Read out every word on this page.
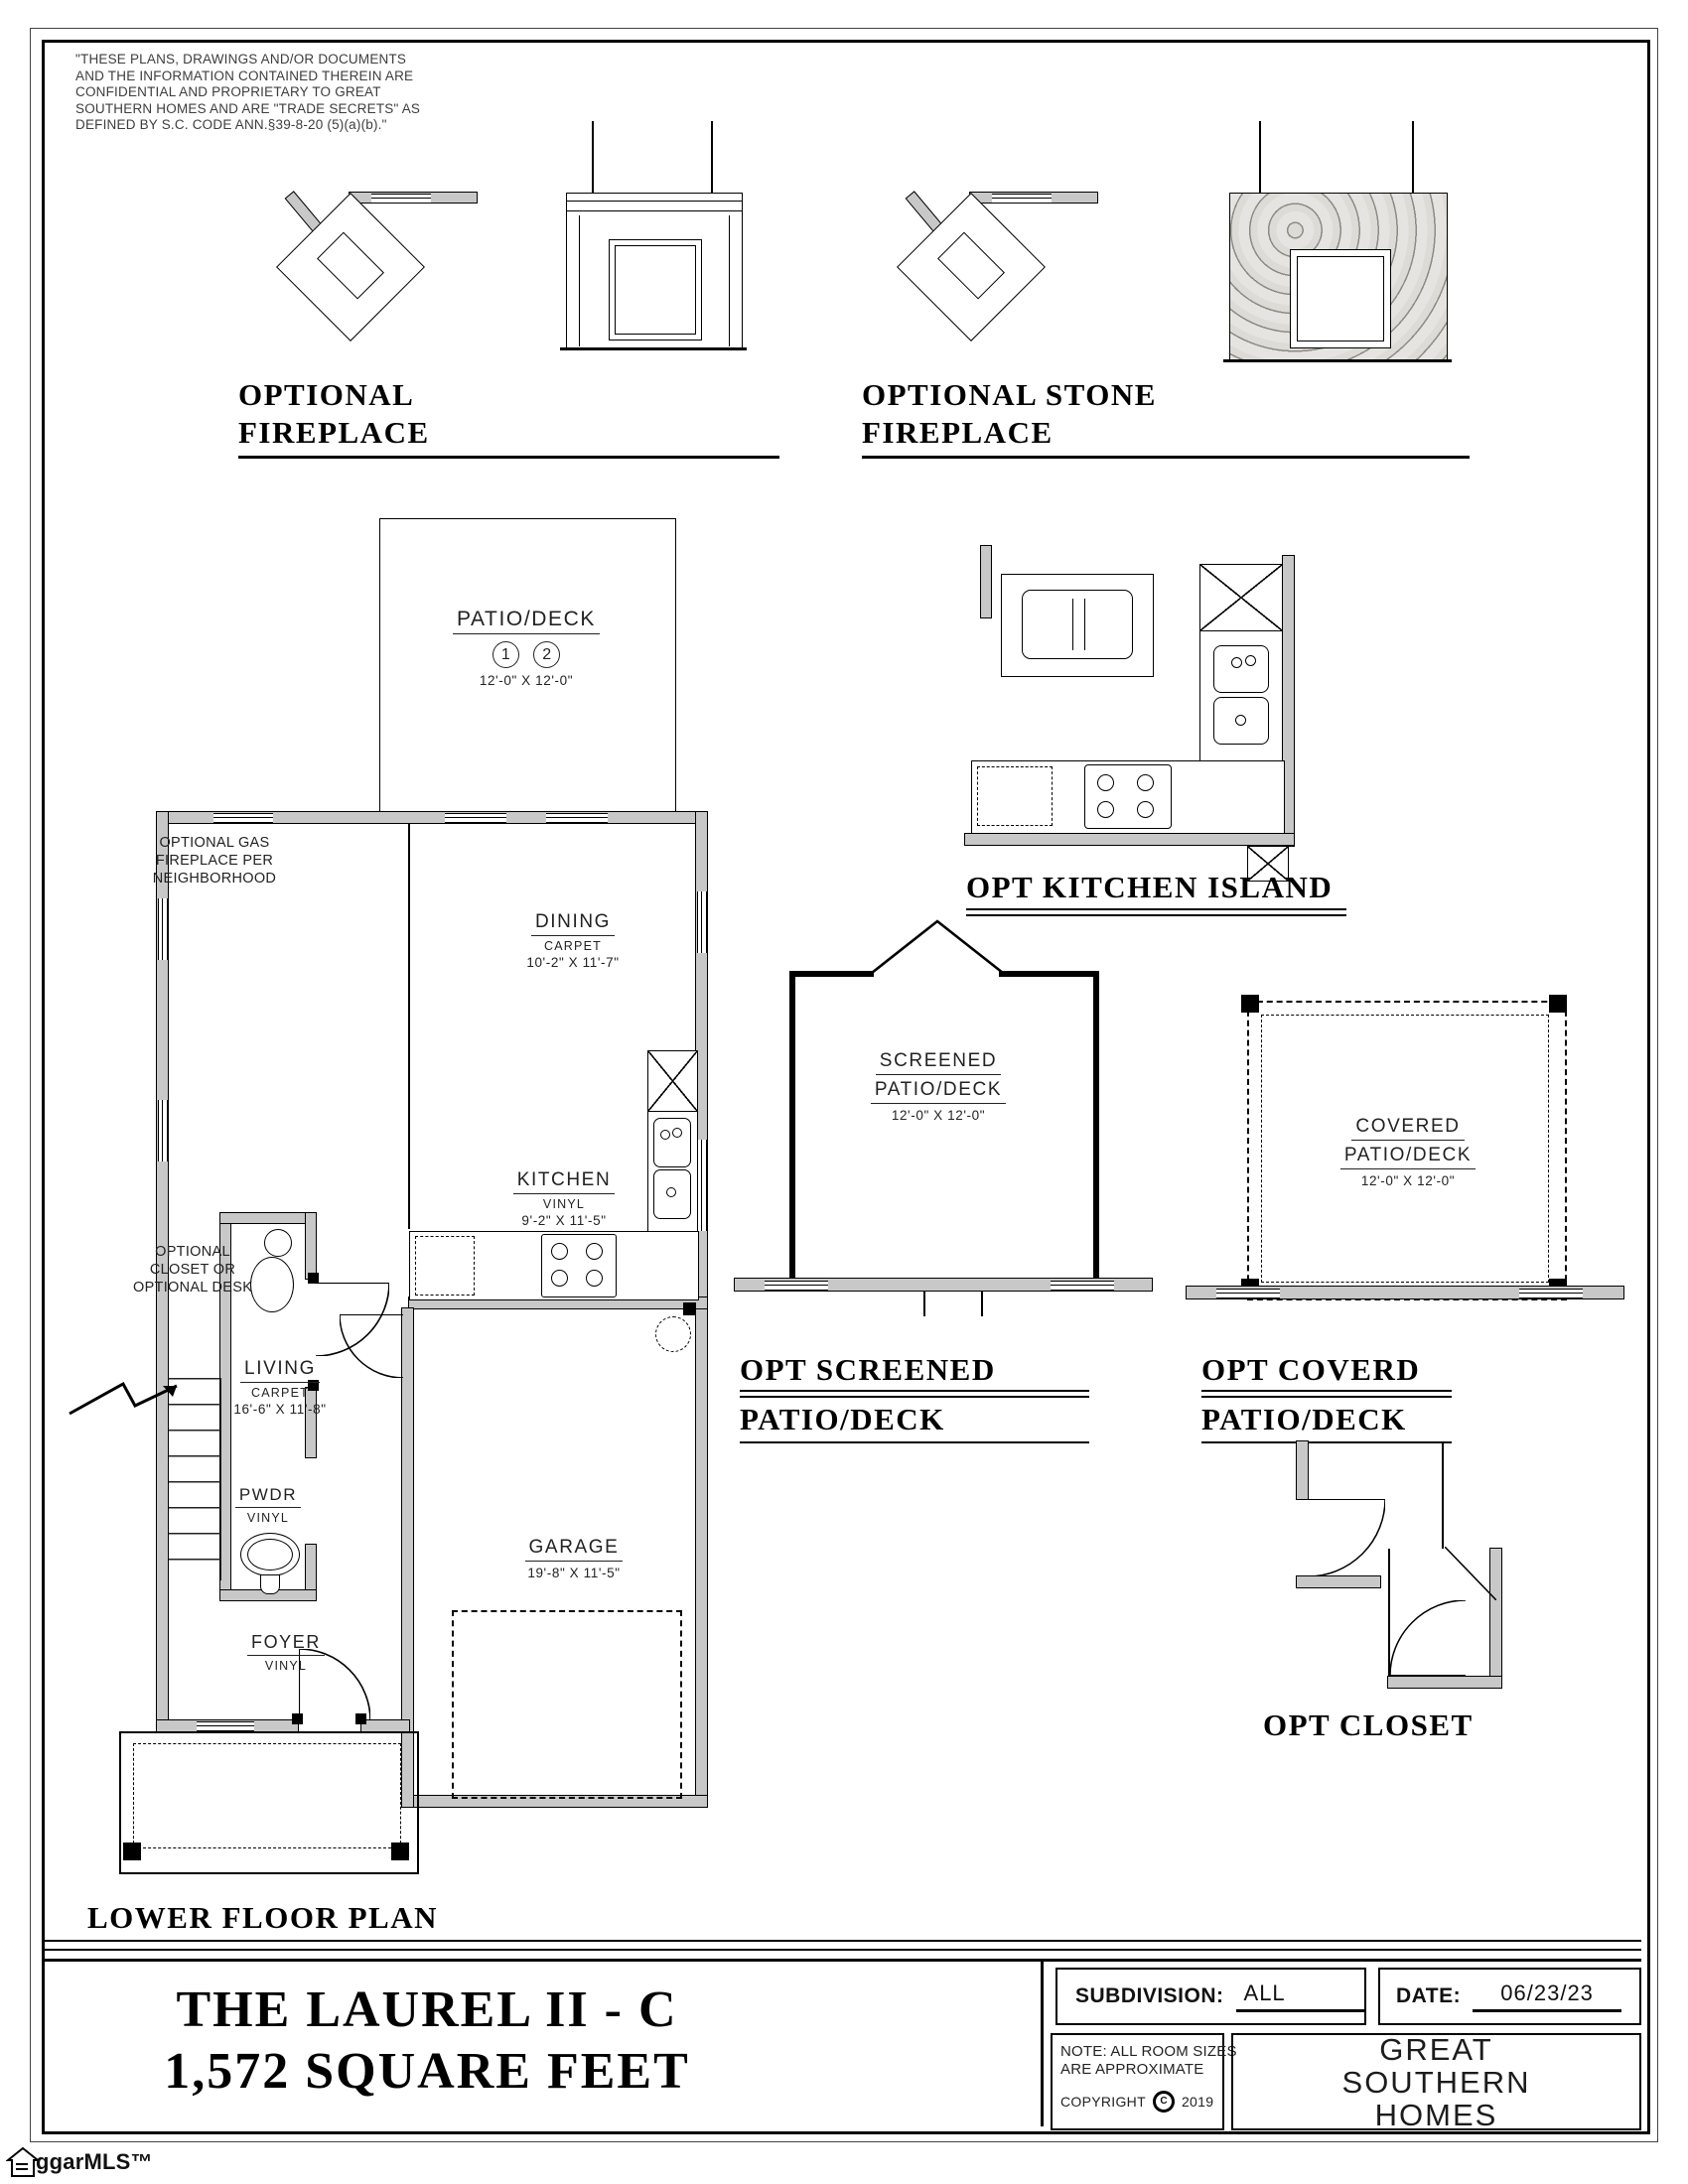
"THESE PLANS, DRAWINGS AND/OR DOCUMENTS
AND THE INFORMATION CONTAINED THEREIN ARE
CONFIDENTIAL AND PROPRIETARY TO GREAT
SOUTHERN HOMES AND ARE "TRADE SECRETS" AS
DEFINED BY S.C. CODE ANN.§39-8-20 (5)(a)(b)."
OPTIONAL
FIREPLACE
OPTIONAL STONE
FIREPLACE
PATIO/DECK
1 2
12'-0" X 12'-0"
OPT KITCHEN ISLAND
OPTIONAL GAS
FIREPLACE PER
NEIGHBORHOOD
OPTIONAL
CLOSET OR
OPTIONAL DESK
LIVING
CARPET
16'-6" X 11'-8"
DINING
CARPET
10'-2" X 11'-7"
KITCHEN
VINYL
9'-2" X 11'-5"
PWDR
VINYL
FOYER
VINYL
GARAGE
19'-8" X 11'-5"
SCREENED
PATIO/DECK
12'-0" X 12'-0"
OPT SCREENED
PATIO/DECK
COVERED
PATIO/DECK
12'-0" X 12'-0"
OPT COVERD
PATIO/DECK
OPT CLOSET
LOWER FLOOR PLAN
THE LAUREL II - C
1,572 SQUARE FEET
SUBDIVISION: ALL	DATE:	06/23/23
NOTE: ALL ROOM SIZES
ARE APPROXIMATE
COPYRIGHT	C	2019
GREAT
SOUTHERN
HOMES
ggarMLS™
